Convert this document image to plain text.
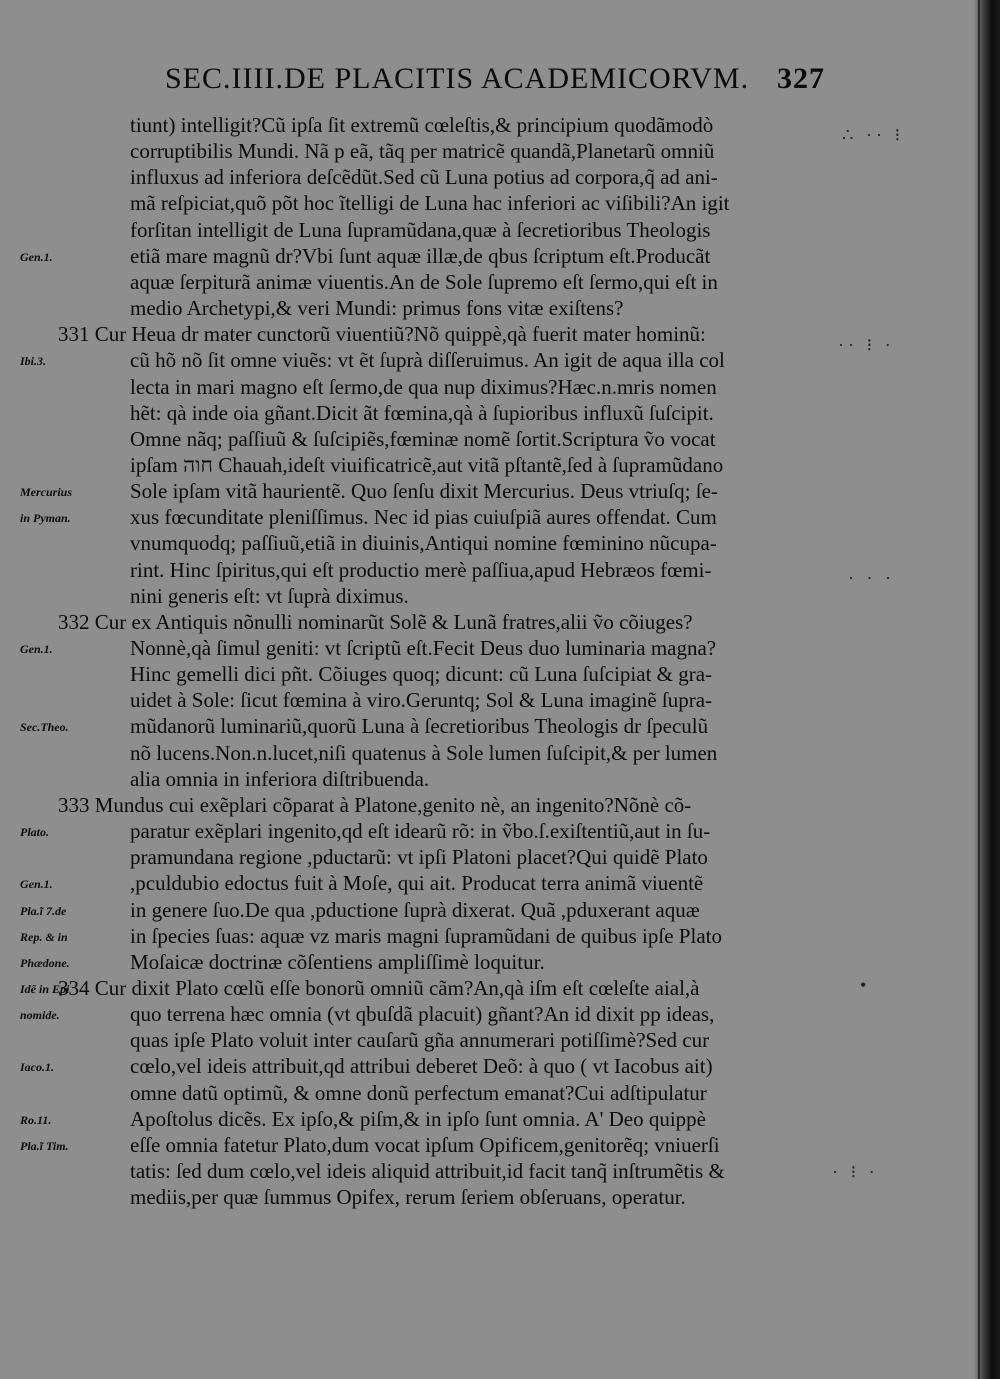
SEC.IIII.DE PLACITIS ACADEMICORVM. 327
tiunt) intelligit?Cũ ipſa ſit extremũ cœleſtis,& principium quodãmodò
corruptibilis Mundi. Nã p eã, tãq per matricẽ quandã,Planetarũ omniũ
influxus ad inferiora deſcẽdũt.Sed cũ Luna potius ad corpora,q̃ ad ani-
mã reſpiciat,quõ põt hoc ĩtelligi de Luna hac inferiori ac viſibili?An igit
forſitan intelligit de Luna ſupramũdana,quæ à ſecretioribus Theologis
etiã mare magnũ dr?Vbi ſunt aquæ illæ,de qbus ſcriptum eſt.Producãt
aquæ ſerpiturã animæ viuentis.An de Sole ſupremo eſt ſermo,qui eſt in
medio Archetypi,& veri Mundi: primus fons vitæ exiſtens?
331 Cur Heua dr mater cunctorũ viuentiũ?Nõ quippè,qà fuerit mater hominũ:
cũ hõ nõ ſit omne viuẽs: vt ẽt ſuprà diſſeruimus. An igit de aqua illa col
lecta in mari magno eſt ſermo,de qua nup diximus?Hæc.n.mris nomen
hẽt: qà inde oia gñant.Dicit ãt fœmina,qà à ſupioribus influxũ ſuſcipit.
Omne nãq; paſſiuũ & ſuſcipiẽs,fœminæ nomẽ ſortit.Scriptura ṽo vocat
ipſam חוה Chauah,ideſt viuificatricẽ,aut vitã pſtantẽ,ſed à ſupramũdano
Sole ipſam vitã haurientẽ. Quo ſenſu dixit Mercurius. Deus vtriuſq; ſe-
xus fœcunditate pleniſſimus. Nec id pias cuiuſpiã aures offendat. Cum
vnumquodq; paſſiuũ,etiã in diuinis,Antiqui nomine fœminino nũcupa-
rint. Hinc ſpiritus,qui eſt productio merè paſſiua,apud Hebræos fœmi-
nini generis eſt: vt ſuprà diximus.
332 Cur ex Antiquis nõnulli nominarũt Solẽ & Lunã fratres,alii ṽo cõiuges?
Nonnè,qà ſimul geniti: vt ſcriptũ eſt.Fecit Deus duo luminaria magna?
Hinc gemelli dici pñt. Cõiuges quoq; dicunt: cũ Luna ſuſcipiat & gra-
uidet à Sole: ſicut fœmina à viro.Geruntq; Sol & Luna imaginẽ ſupra-
mũdanorũ luminariũ,quorũ Luna à ſecretioribus Theologis dr ſpeculũ
nõ lucens.Non.n.lucet,niſi quatenus à Sole lumen ſuſcipit,& per lumen
alia omnia in inferiora diſtribuenda.
333 Mundus cui exẽplari cõparat à Platone,genito nè, an ingenito?Nõnè cõ-
paratur exẽplari ingenito,qd eſt idearũ rõ: in ṽbo.ſ.exiſtentiũ,aut in ſu-
pramundana regione ,pductarũ: vt ipſi Platoni placet?Qui quidẽ Plato
,pculdubio edoctus fuit à Moſe, qui ait. Producat terra animã viuentẽ
in genere ſuo.De qua ,pductione ſuprà dixerat. Quã ,pduxerant aquæ
in ſpecies ſuas: aquæ vz maris magni ſupramũdani de quibus ipſe Plato
Moſaicæ doctrinæ cõſentiens ampliſſimè loquitur.
334 Cur dixit Plato cœlũ eſſe bonorũ omniũ cãm?An,qà iſm eſt cœleſte aial,à
quo terrena hæc omnia (vt qbuſdã placuit) gñant?An id dixit pp ideas,
quas ipſe Plato voluit inter cauſarũ gña annumerari potiſſimè?Sed cur
cœlo,vel ideis attribuit,qd attribui deberet Deõ: à quo ( vt Iacobus ait)
omne datũ optimũ, & omne donũ perfectum emanat?Cui adſtipulatur
Apoſtolus dicẽs. Ex ipſo,& piſm,& in ipſo ſunt omnia. A' Deo quippè
eſſe omnia fatetur Plato,dum vocat ipſum Opificem,genitorẽq; vniuerſi
tatis: ſed dum cœlo,vel ideis aliquid attribuit,id facit tanq̃ inſtrumẽtis &
mediis,per quæ ſummus Opifex, rerum ſeriem obſeruans, operatur.
Gen.1.
Ibi.3.
Mercurius
in Pyman.
Gen.1.
Sec.Theo.
Plato.
Gen.1.
Pla.ĩ 7.de
Rep. & in
Phædone.
Idẽ in Epi
nomide.
Iaco.1.
Ro.11.
Pla.ĩ Tim.
∴ ·· ⁝
·· ⁝ ·
· · ·
•
· ⁝ ·
